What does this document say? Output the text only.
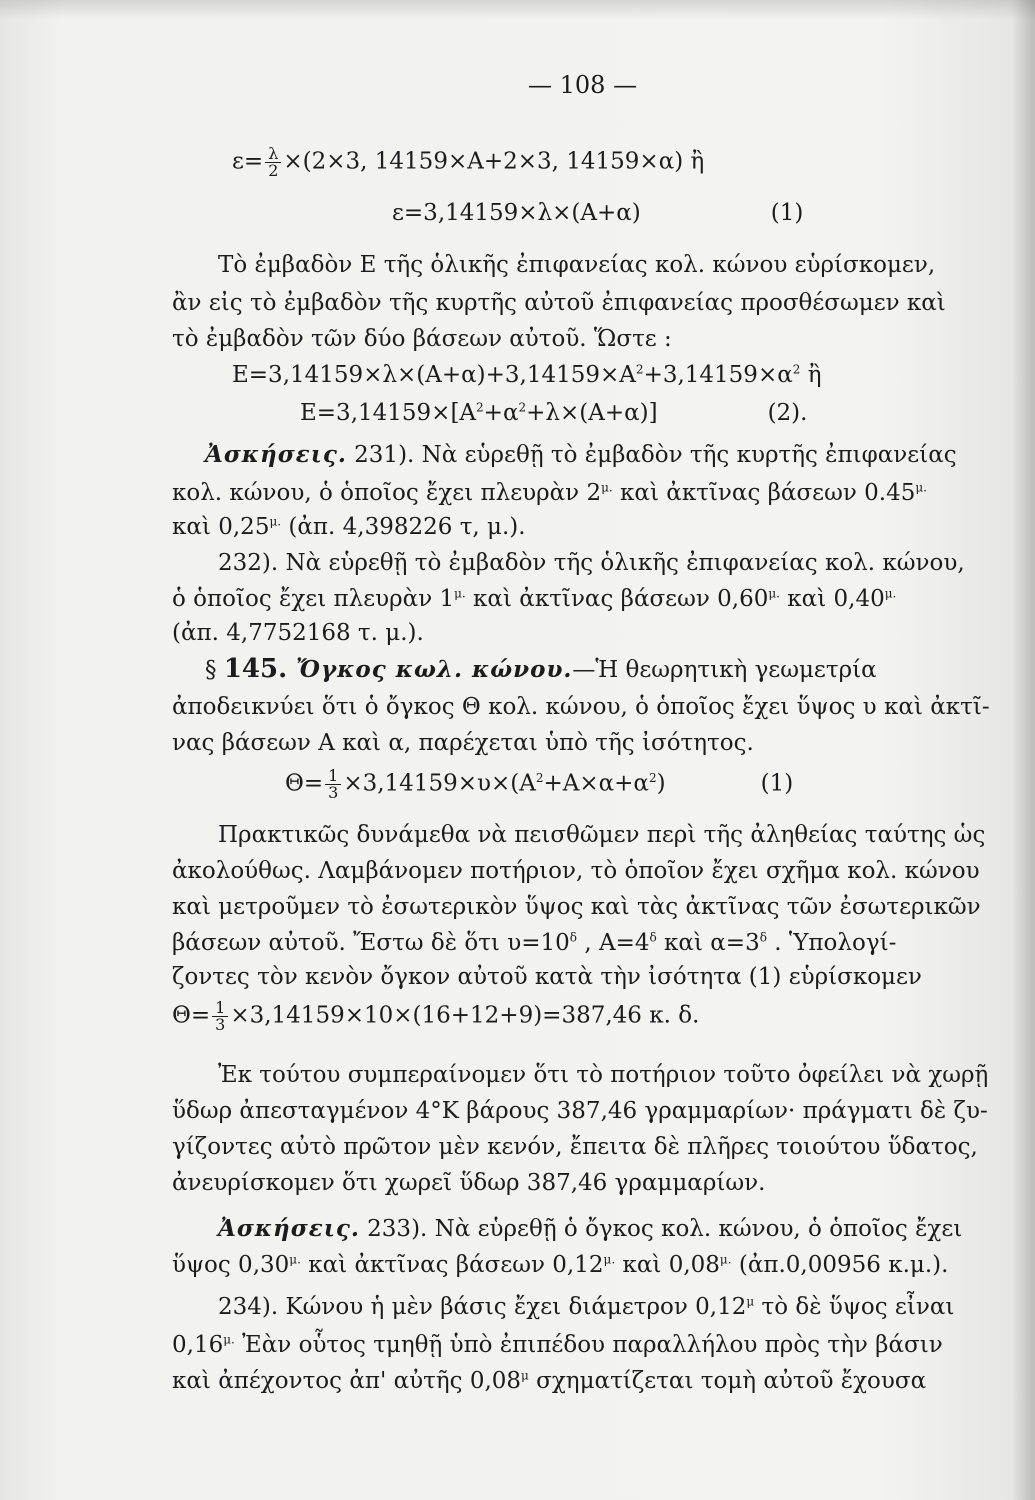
— 108 —
$\varepsilon= \frac{\lambda}{2} \times(2\times 3$, 14159×Α+2×3, 14159×α) ἢ
ε=3,14159×λ×(Α+α)	(1)
Τὸ ἐμβαδὸν Ε τῆς ὁλικῆς ἐπιφανείας κολ. κώνου εὑρίσκομεν,
ἂν εἰς τὸ ἐμβαδὸν τῆς κυρτῆς αὐτοῦ ἐπιφανείας προσθέσωμεν καὶ
τὸ ἐμβαδὸν τῶν δύο βάσεων αὐτοῦ. Ὥστε :
$E=3,14159\times\lambda\times(A+\alpha)+3,14159\times A^2+3,14159\times\alpha^2$ ἢ
$E=3,14159\times[A^2+\alpha^2+\lambda\times(A+\alpha)]$	(2).
Ἀσκήσεις. 231). Νὰ εὑρεθῇ τὸ ἐμβαδὸν τῆς κυρτῆς ἐπιφανείας
κολ. κώνου, ὁ ὁποῖος ἔχει πλευρὰν $2^{\mu.}$ καὶ ἀκτῖνας βάσεων $0.45^{\mu.}$
καὶ $0,25^{\mu.}$ (ἀπ. 4,398226 τ, μ.).
232). Νὰ εὑρεθῇ τὸ ἐμβαδὸν τῆς ὁλικῆς ἐπιφανείας κολ. κώνου,
ὁ ὁποῖος ἔχει πλευρὰν $1^{\mu.}$ καὶ ἀκτῖνας βάσεων $0,60^{\mu.}$ καὶ $0,40^{\mu.}$
(ἀπ. 4,7752168 τ. μ.).
§ 145. Ὄγκος κωλ. κώνου.—Ἡ θεωρητικὴ γεωμετρία
ἀποδεικνύει ὅτι ὁ ὄγκος Θ κολ. κώνου, ὁ ὁποῖος ἔχει ὕψος υ καὶ ἀκτῖ-
νας βάσεων Α καὶ α, παρέχεται ὑπὸ τῆς ἰσότητος.
$\Theta= \frac{1}{3} \times 3,14159\times\upsilon\times(A^2+A\times\alpha+\alpha^2)$	(1)
Πρακτικῶς δυνάμεθα νὰ πεισθῶμεν περὶ τῆς ἀληθείας ταύτης ὡς
ἀκολούθως. Λαμβάνομεν ποτήριον, τὸ ὁποῖον ἔχει σχῆμα κολ. κώνου
καὶ μετροῦμεν τὸ ἐσωτερικὸν ὕψος καὶ τὰς ἀκτῖνας τῶν ἐσωτερικῶν
βάσεων αὐτοῦ. Ἔστω δὲ ὅτι $\upsilon=10^\delta$ , $A=4^\delta$ καὶ $\alpha=3^\delta$ . Ὑπολογί-
ζοντες τὸν κενὸν ὄγκον αὐτοῦ κατὰ τὴν ἰσότητα (1) εὑρίσκομεν
$\Theta= \frac{1}{3} \times 3,14159\times 10\times(16+12+9)=387,46$ κ. δ.
Ἐκ τούτου συμπεραίνομεν ὅτι τὸ ποτήριον τοῦτο ὀφείλει νὰ χωρῇ
ὕδωρ ἀπεσταγμένον 4°Κ βάρους 387,46 γραμμαρίων· πράγματι δὲ ζυ-
γίζοντες αὐτὸ πρῶτον μὲν κενόν, ἔπειτα δὲ πλῆρες τοιούτου ὕδατος,
ἀνευρίσκομεν ὅτι χωρεῖ ὕδωρ 387,46 γραμμαρίων.
Ἀσκήσεις. 233). Νὰ εὑρεθῇ ὁ ὄγκος κολ. κώνου, ὁ ὁποῖος ἔχει
ὕψος $0,30^{\mu.}$ καὶ ἀκτῖνας βάσεων $0,12^{\mu.}$ καὶ $0,08^{\mu.}$ (ἀπ.0,00956 κ.μ.).
234). Κώνου ἡ μὲν βάσις ἔχει διάμετρον $0,12^\mu$ τὸ δὲ ὕψος εἶναι
$0,16^{\mu.}$ Ἐὰν οὗτος τμηθῇ ὑπὸ ἐπιπέδου παραλλήλου πρὸς τὴν βάσιν
καὶ ἀπέχοντος ἀπ' αὐτῆς $0,08^\mu$ σχηματίζεται τομὴ αὐτοῦ ἔχουσα
